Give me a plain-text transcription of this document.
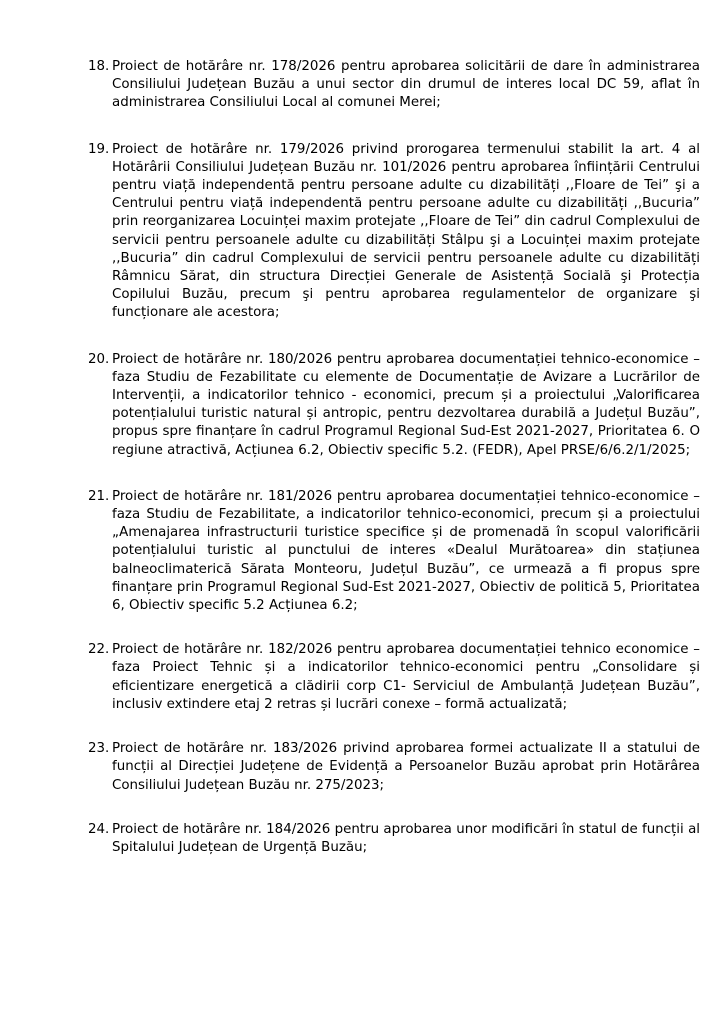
18. Proiect de hotărâre nr. 178/2026 pentru aprobarea solicitării de dare în administrarea Consiliului Județean Buzău a unui sector din drumul de interes local DC 59, aflat în administrarea Consiliului Local al comunei Merei;
19. Proiect de hotărâre nr. 179/2026 privind prorogarea termenului stabilit la art. 4 al Hotărârii Consiliului Județean Buzău nr. 101/2026 pentru aprobarea înființării Centrului pentru viață independentă pentru persoane adulte cu dizabilități ,,Floare de Tei” şi a Centrului pentru viață independentă pentru persoane adulte cu dizabilități ,,Bucuria” prin reorganizarea Locuinței maxim protejate ,,Floare de Tei” din cadrul Complexului de servicii pentru persoanele adulte cu dizabilități Stâlpu şi a Locuinței maxim protejate ,,Bucuria” din cadrul Complexului de servicii pentru persoanele adulte cu dizabilități Râmnicu Sărat, din structura Direcției Generale de Asistență Socială şi Protecția Copilului Buzău, precum şi pentru aprobarea regulamentelor de organizare şi funcționare ale acestora;
20. Proiect de hotărâre nr. 180/2026 pentru aprobarea documentației tehnico-economice – faza Studiu de Fezabilitate cu elemente de Documentație de Avizare a Lucrărilor de Intervenții, a indicatorilor tehnico - economici, precum și a proiectului „Valorificarea potențialului turistic natural și antropic, pentru dezvoltarea durabilă a Județul Buzău”, propus spre finanțare în cadrul Programul Regional Sud-Est 2021-2027, Prioritatea 6. O regiune atractivă, Acțiunea 6.2, Obiectiv specific 5.2. (FEDR), Apel PRSE/6/6.2/1/2025;
21. Proiect de hotărâre nr. 181/2026 pentru aprobarea documentației tehnico-economice – faza Studiu de Fezabilitate, a indicatorilor tehnico-economici, precum și a proiectului „Amenajarea infrastructurii turistice specifice și de promenadă în scopul valorificării potențialului turistic al punctului de interes «Dealul Murătoarea» din stațiunea balneoclimaterică Sărata Monteoru, Județul Buzău”, ce urmează a fi propus spre finanțare prin Programul Regional Sud-Est 2021-2027, Obiectiv de politică 5, Prioritatea 6, Obiectiv specific 5.2 Acțiunea 6.2;
22. Proiect de hotărâre nr. 182/2026 pentru aprobarea documentației tehnico economice – faza Proiect Tehnic și a indicatorilor tehnico-economici pentru „Consolidare și eficientizare energetică a clădirii corp C1- Serviciul de Ambulanță Județean Buzău”, inclusiv extindere etaj 2 retras și lucrări conexe – formă actualizată;
23. Proiect de hotărâre nr. 183/2026 privind aprobarea formei actualizate II a statului de funcții al Direcției Județene de Evidență a Persoanelor Buzău aprobat prin Hotărârea Consiliului Județean Buzău nr. 275/2023;
24. Proiect de hotărâre nr. 184/2026 pentru aprobarea unor modificări în statul de funcții al Spitalului Județean de Urgență Buzău;
